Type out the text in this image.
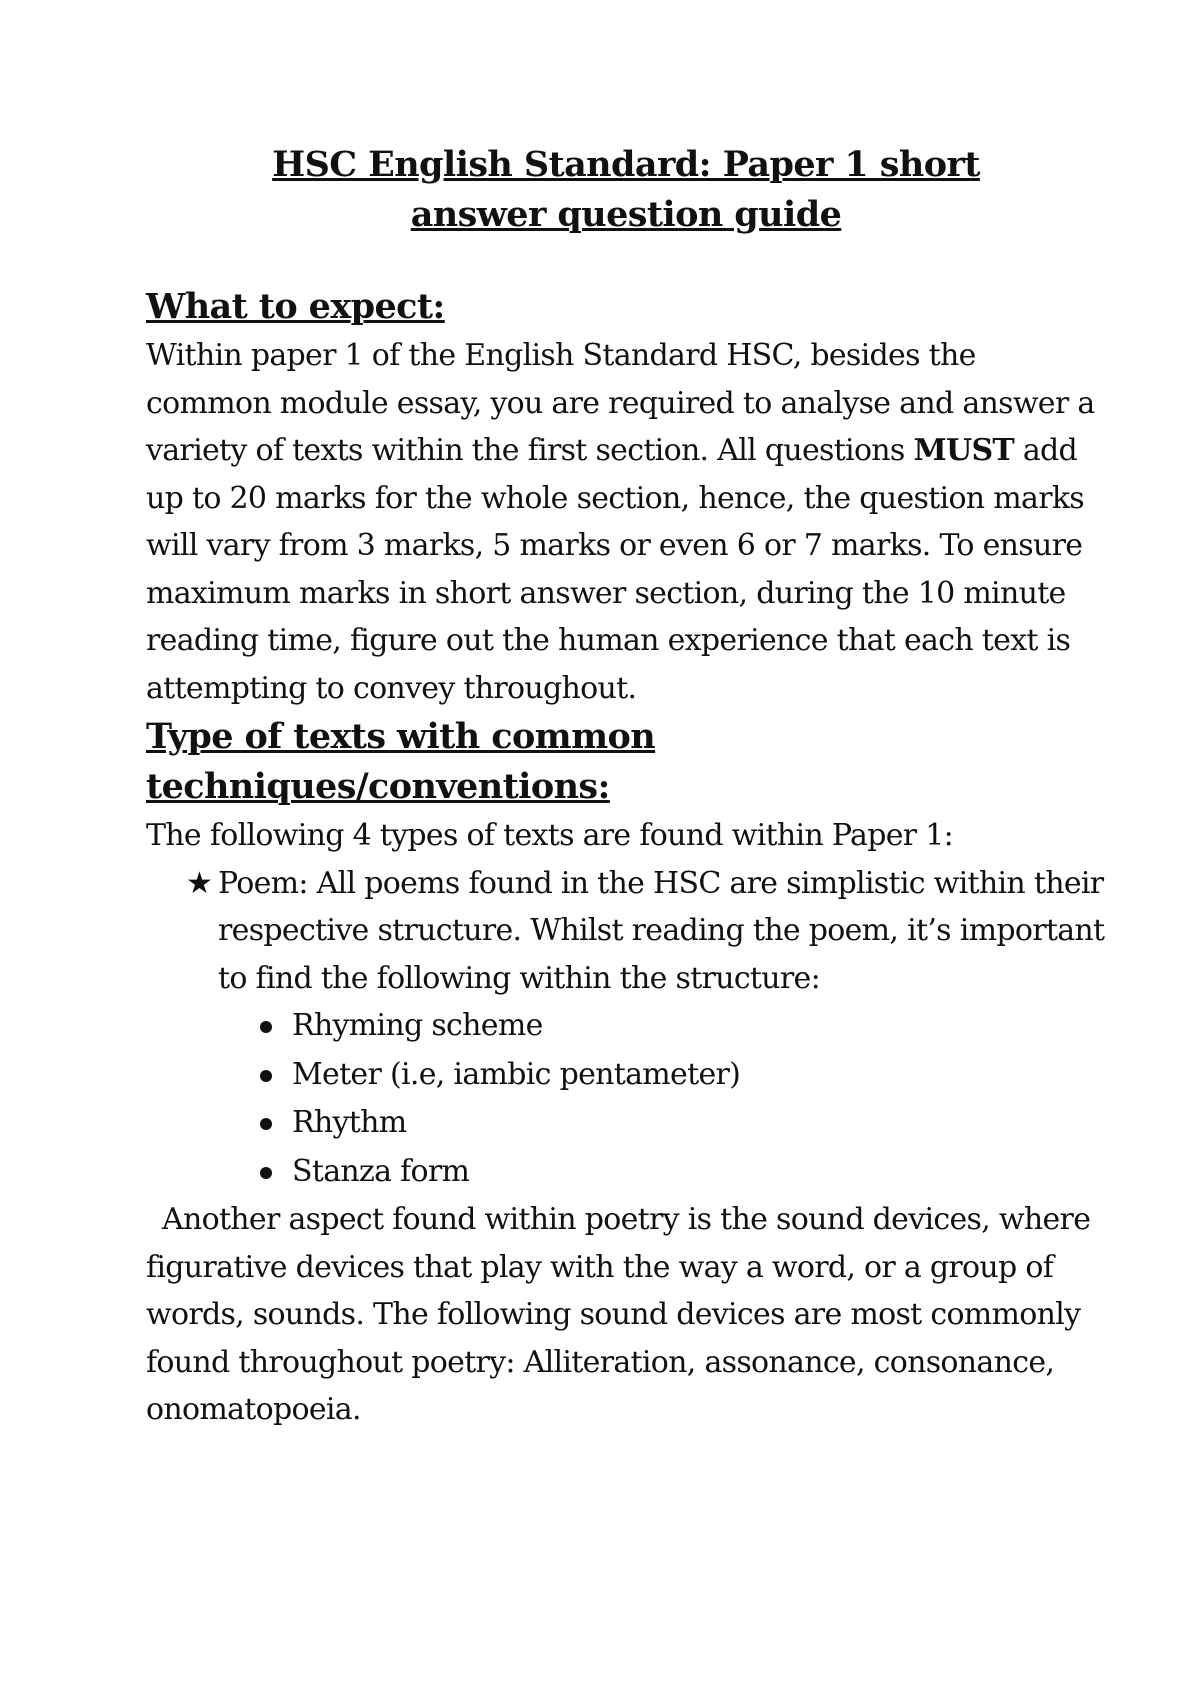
HSC English Standard: Paper 1 short
answer question guide
What to expect:

Within paper 1 of the English Standard HSC, besides the common module essay, you are required to analyse and answer a variety of texts within the first section. All questions MUST add up to 20 marks for the whole section, hence, the question marks will vary from 3 marks, 5 marks or even 6 or 7 marks. To ensure maximum marks in short answer section, during the 10 minute reading time, figure out the human experience that each text is attempting to convey throughout.

Type of texts with common
techniques/conventions:

The following 4 types of texts are found within Paper 1:

★ Poem: All poems found in the HSC are simplistic within their respective structure. Whilst reading the poem, it’s important to find the following within the structure:

Rhyming scheme
Meter (i.e, iambic pentameter)
Rhythm
Stanza form

Another aspect found within poetry is the sound devices, where figurative devices that play with the way a word, or a group of words, sounds. The following sound devices are most commonly found throughout poetry: Alliteration, assonance, consonance, onomatopoeia.
